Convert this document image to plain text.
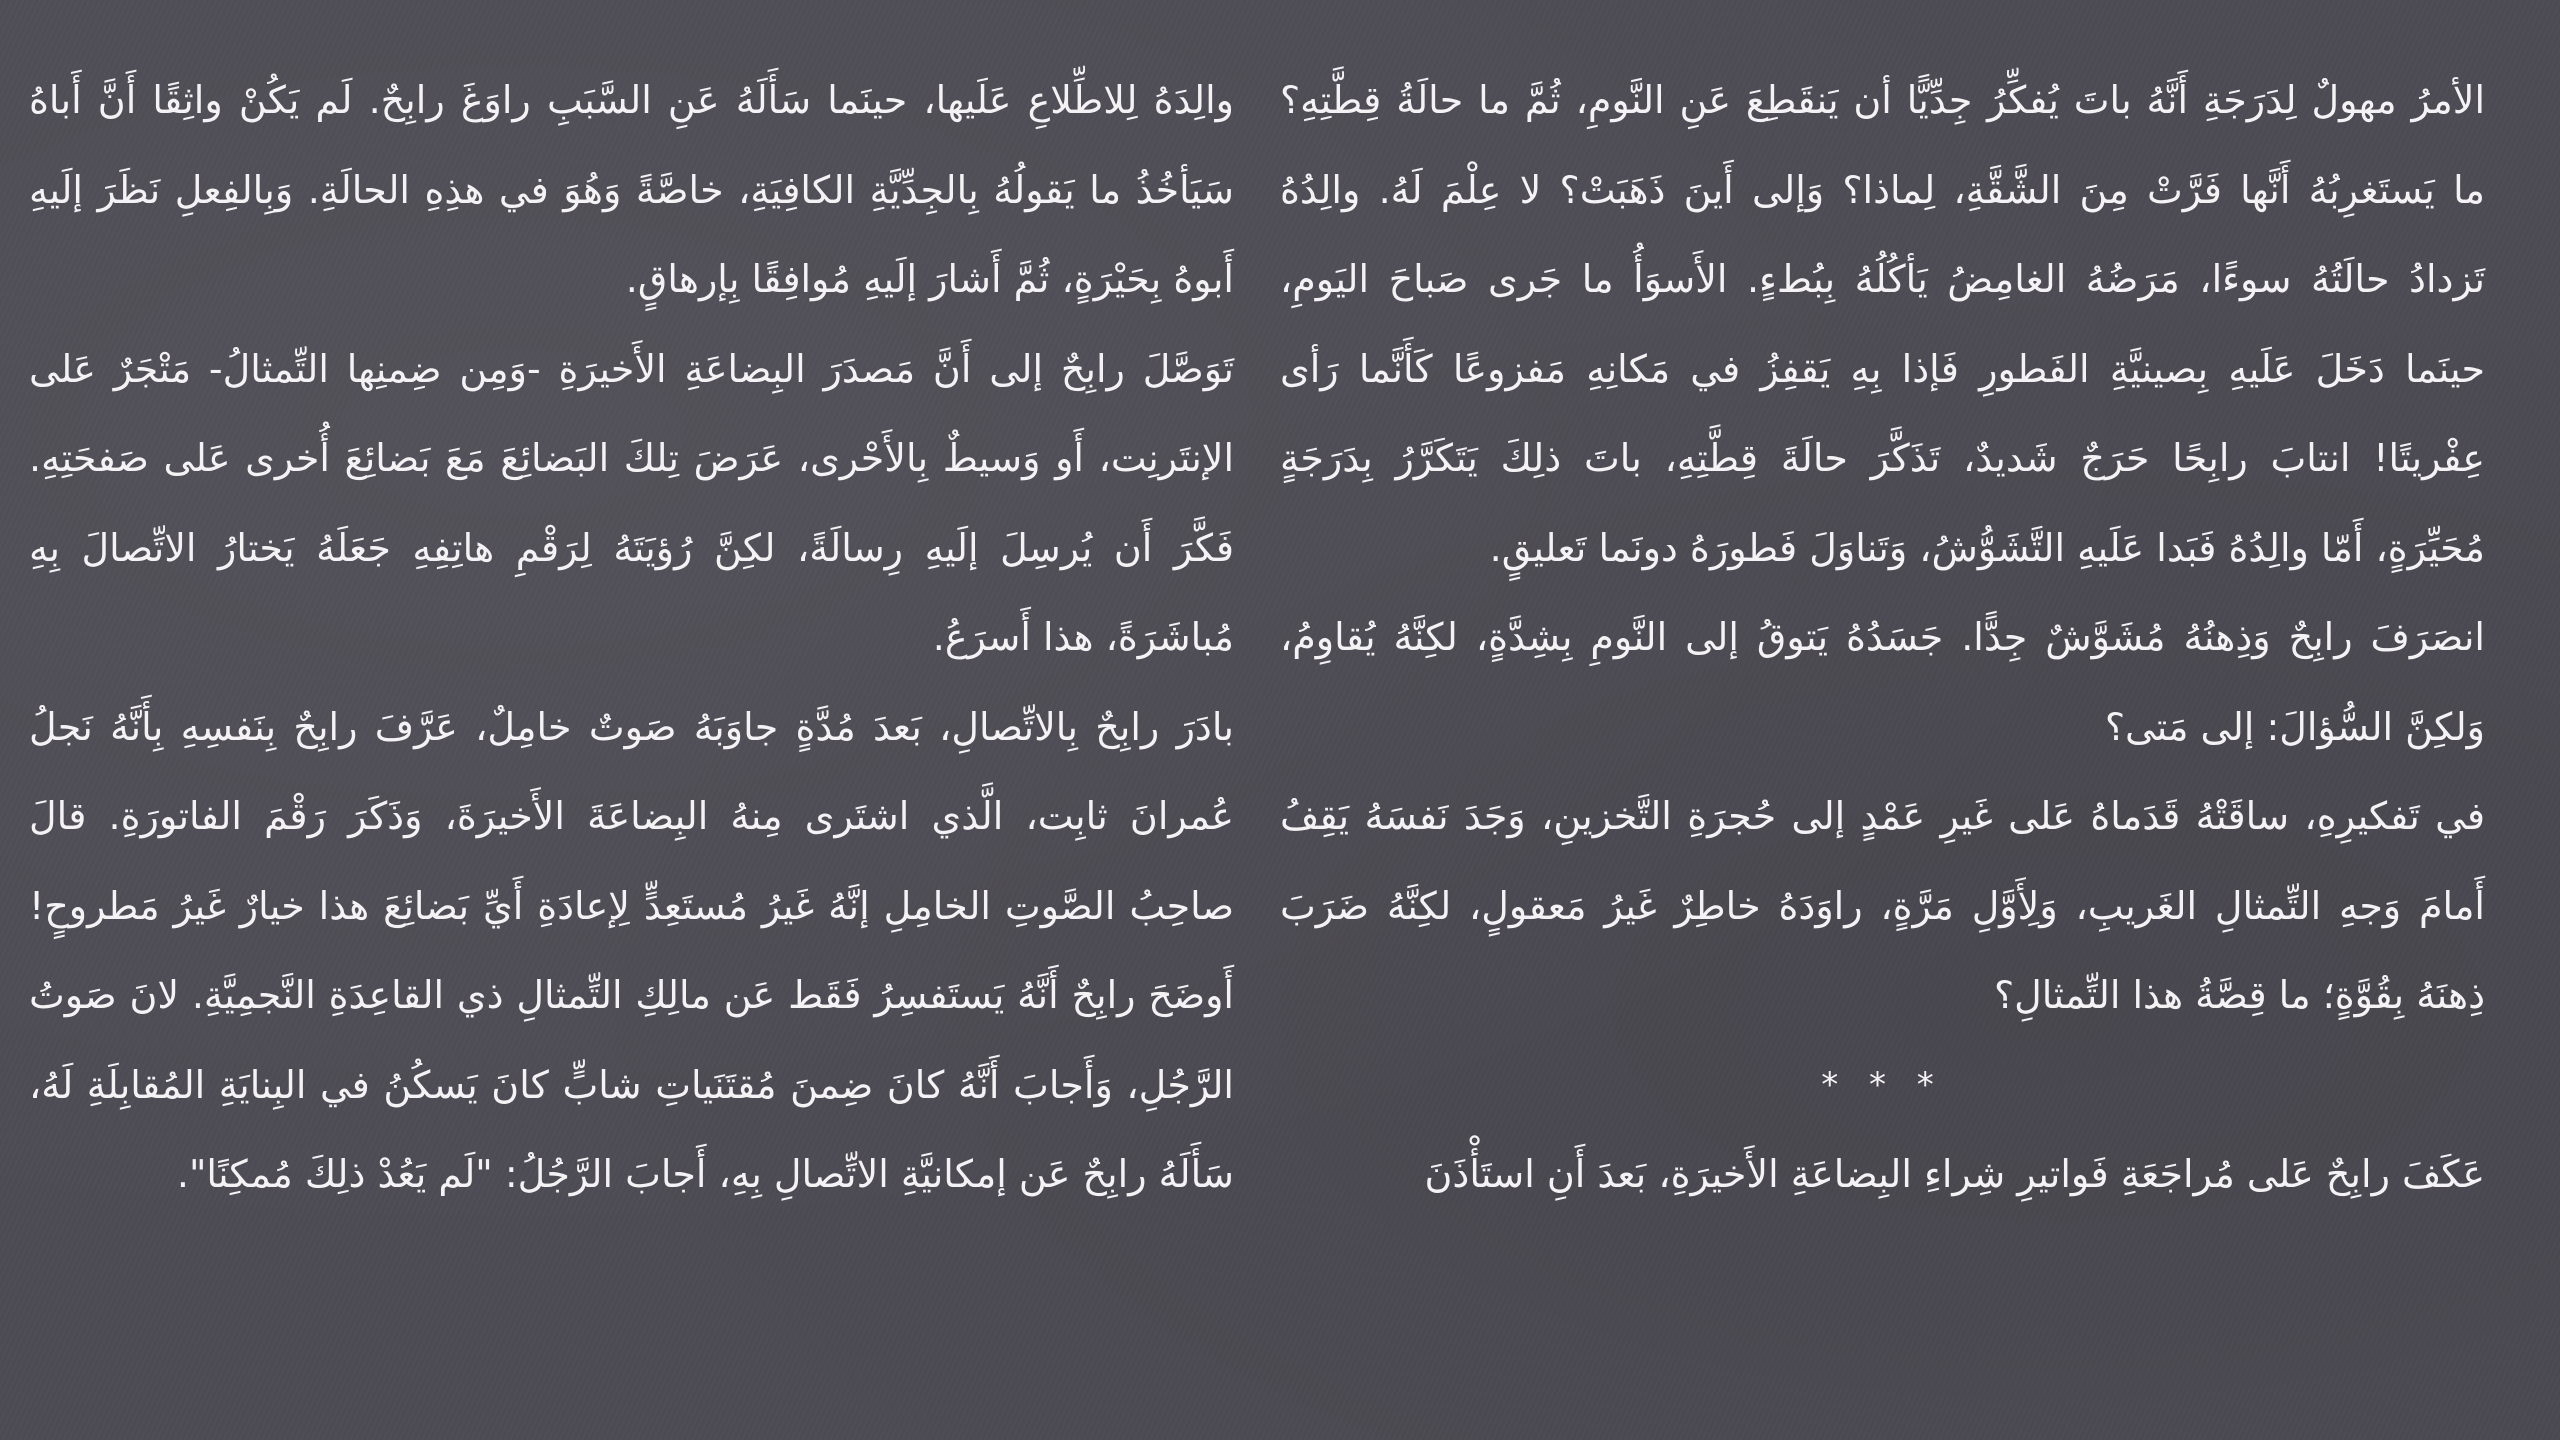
الأمرُ مهولٌ لِدَرَجَةِ أَنَّهُ باتَ يُفكِّرُ جِدِّيًّا أن يَنقَطِعَ عَنِ النَّومِ، ثُمَّ ما حالَةُ قِطَّتِهِ؟ ما يَستَغرِبُهُ أَنَّها فَرَّتْ مِنَ الشَّقَّةِ، لِماذا؟ وَإلى أَينَ ذَهَبَتْ؟ لا عِلْمَ لَهُ. والِدُهُ تَزدادُ حالَتُهُ سوءًا، مَرَضُهُ الغامِضُ يَأكُلُهُ بِبُطءٍ. الأَسوَأُ ما جَرى صَباحَ اليَومِ، حينَما دَخَلَ عَلَيهِ بِصينيَّةِ الفَطورِ فَإذا بِهِ يَقفِزُ في مَكانِهِ مَفزوعًا كَأَنَّما رَأى عِفْريتًا! انتابَ رابِحًا حَرَجٌ شَديدٌ، تَذَكَّرَ حالَةَ قِطَّتِهِ، باتَ ذلِكَ يَتَكَرَّرُ بِدَرَجَةٍ مُحَيِّرَةٍ، أَمّا والِدُهُ فَبَدا عَلَيهِ التَّشَوُّشُ، وَتَناوَلَ فَطورَهُ دونَما تَعليقٍ.

انصَرَفَ رابِحٌ وَذِهنُهُ مُشَوَّشٌ جِدًّا. جَسَدُهُ يَتوقُ إلى النَّومِ بِشِدَّةٍ، لكِنَّهُ يُقاوِمُ، وَلكِنَّ السُّؤالَ: إلى مَتى؟

في تَفكيرِهِ، ساقَتْهُ قَدَماهُ عَلى غَيرِ عَمْدٍ إلى حُجرَةِ التَّخزينِ، وَجَدَ نَفسَهُ يَقِفُ أَمامَ وَجهِ التِّمثالِ الغَريبِ، وَلِأَوَّلِ مَرَّةٍ، راوَدَهُ خاطِرٌ غَيرُ مَعقولٍ، لكِنَّهُ ضَرَبَ ذِهنَهُ بِقُوَّةٍ؛ ما قِصَّةُ هذا التِّمثالِ؟

* * *

عَكَفَ رابِحٌ عَلى مُراجَعَةِ فَواتيرِ شِراءِ البِضاعَةِ الأَخيرَةِ، بَعدَ أَنِ استَأْذَنَ

والِدَهُ لِلاطِّلاعِ عَلَيها، حينَما سَأَلَهُ عَنِ السَّبَبِ راوَغَ رابِحٌ. لَم يَكُنْ واثِقًا أَنَّ أَباهُ سَيَأخُذُ ما يَقولُهُ بِالجِدِّيَّةِ الكافِيَةِ، خاصَّةً وَهُوَ في هذِهِ الحالَةِ. وَبِالفِعلِ نَظَرَ إلَيهِ أَبوهُ بِحَيْرَةٍ، ثُمَّ أَشارَ إلَيهِ مُوافِقًا بِإرهاقٍ.

تَوَصَّلَ رابِحٌ إلى أَنَّ مَصدَرَ البِضاعَةِ الأَخيرَةِ -وَمِن ضِمنِها التِّمثالُ- مَتْجَرٌ عَلى الإنتَرنِت، أَو وَسيطٌ بِالأَحْرى، عَرَضَ تِلكَ البَضائِعَ مَعَ بَضائِعَ أُخرى عَلى صَفحَتِهِ. فَكَّرَ أَن يُرسِلَ إلَيهِ رِسالَةً، لكِنَّ رُؤيَتَهُ لِرَقْمِ هاتِفِهِ جَعَلَهُ يَختارُ الاتِّصالَ بِهِ مُباشَرَةً، هذا أَسرَعُ.

بادَرَ رابِحٌ بِالاتِّصالِ، بَعدَ مُدَّةٍ جاوَبَهُ صَوتٌ خامِلٌ، عَرَّفَ رابِحٌ بِنَفسِهِ بِأَنَّهُ نَجلُ عُمرانَ ثابِت، الَّذي اشتَرى مِنهُ البِضاعَةَ الأَخيرَةَ، وَذَكَرَ رَقْمَ الفاتورَةِ. قالَ صاحِبُ الصَّوتِ الخامِلِ إنَّهُ غَيرُ مُستَعِدٍّ لِإعادَةِ أَيِّ بَضائِعَ هذا خيارٌ غَيرُ مَطروحٍ! أَوضَحَ رابِحٌ أَنَّهُ يَستَفسِرُ فَقَط عَن مالِكِ التِّمثالِ ذي القاعِدَةِ النَّجمِيَّةِ. لانَ صَوتُ الرَّجُلِ، وَأَجابَ أَنَّهُ كانَ ضِمنَ مُقتَنَياتِ شابٍّ كانَ يَسكُنُ في البِنايَةِ المُقابِلَةِ لَهُ، سَأَلَهُ رابِحٌ عَن إمكانيَّةِ الاتِّصالِ بِهِ، أَجابَ الرَّجُلُ: "لَم يَعُدْ ذلِكَ مُمكِنًا".
